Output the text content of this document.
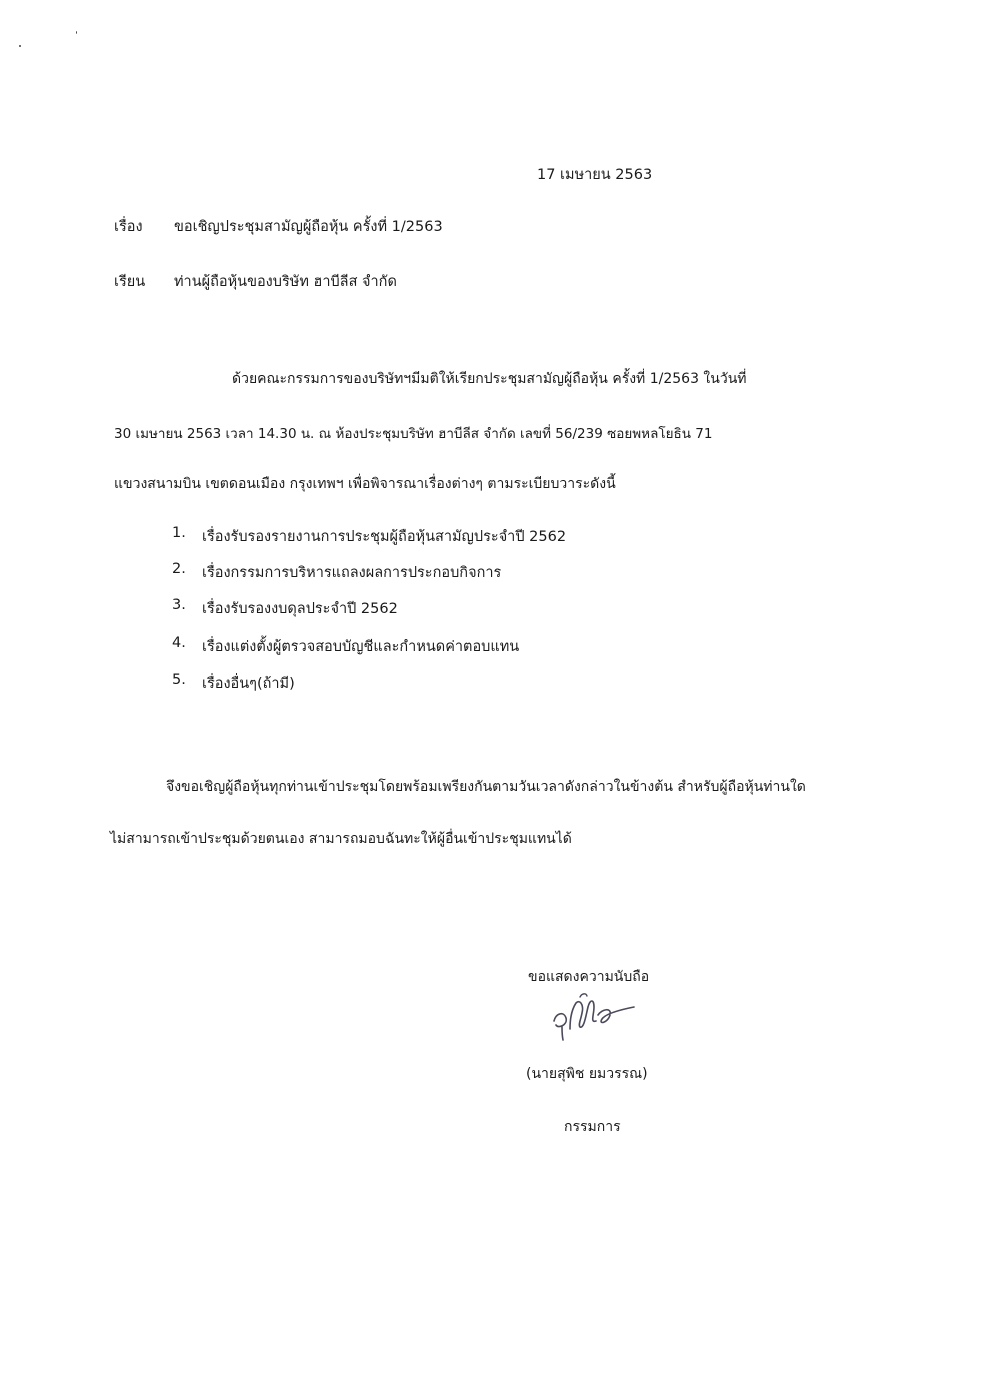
17 เมษายน 2563
เรื่อง ขอเชิญประชุมสามัญผู้ถือหุ้น ครั้งที่ 1/2563
เรียน ท่านผู้ถือหุ้นของบริษัท ฮาบีลีส จำกัด
ด้วยคณะกรรมการของบริษัทฯมีมติให้เรียกประชุมสามัญผู้ถือหุ้น ครั้งที่ 1/2563 ในวันที่
30 เมษายน 2563 เวลา 14.30 น. ณ ห้องประชุมบริษัท ฮาบีลีส จำกัด เลขที่ 56/239 ซอยพหลโยธิน 71
แขวงสนามบิน เขตดอนเมือง กรุงเทพฯ เพื่อพิจารณาเรื่องต่างๆ ตามระเบียบวาระดังนี้
1. เรื่องรับรองรายงานการประชุมผู้ถือหุ้นสามัญประจำปี 2562
2. เรื่องกรรมการบริหารแถลงผลการประกอบกิจการ
3. เรื่องรับรองงบดุลประจำปี 2562
4. เรื่องแต่งตั้งผู้ตรวจสอบบัญชีและกำหนดค่าตอบแทน
5. เรื่องอื่นๆ(ถ้ามี)
จึงขอเชิญผู้ถือหุ้นทุกท่านเข้าประชุมโดยพร้อมเพรียงกันตามวันเวลาดังกล่าวในข้างต้น สำหรับผู้ถือหุ้นท่านใด
ไม่สามารถเข้าประชุมด้วยตนเอง สามารถมอบฉันทะให้ผู้อื่นเข้าประชุมแทนได้
ขอแสดงความนับถือ
(นายสุพิช ยมวรรณ)
กรรมการ
